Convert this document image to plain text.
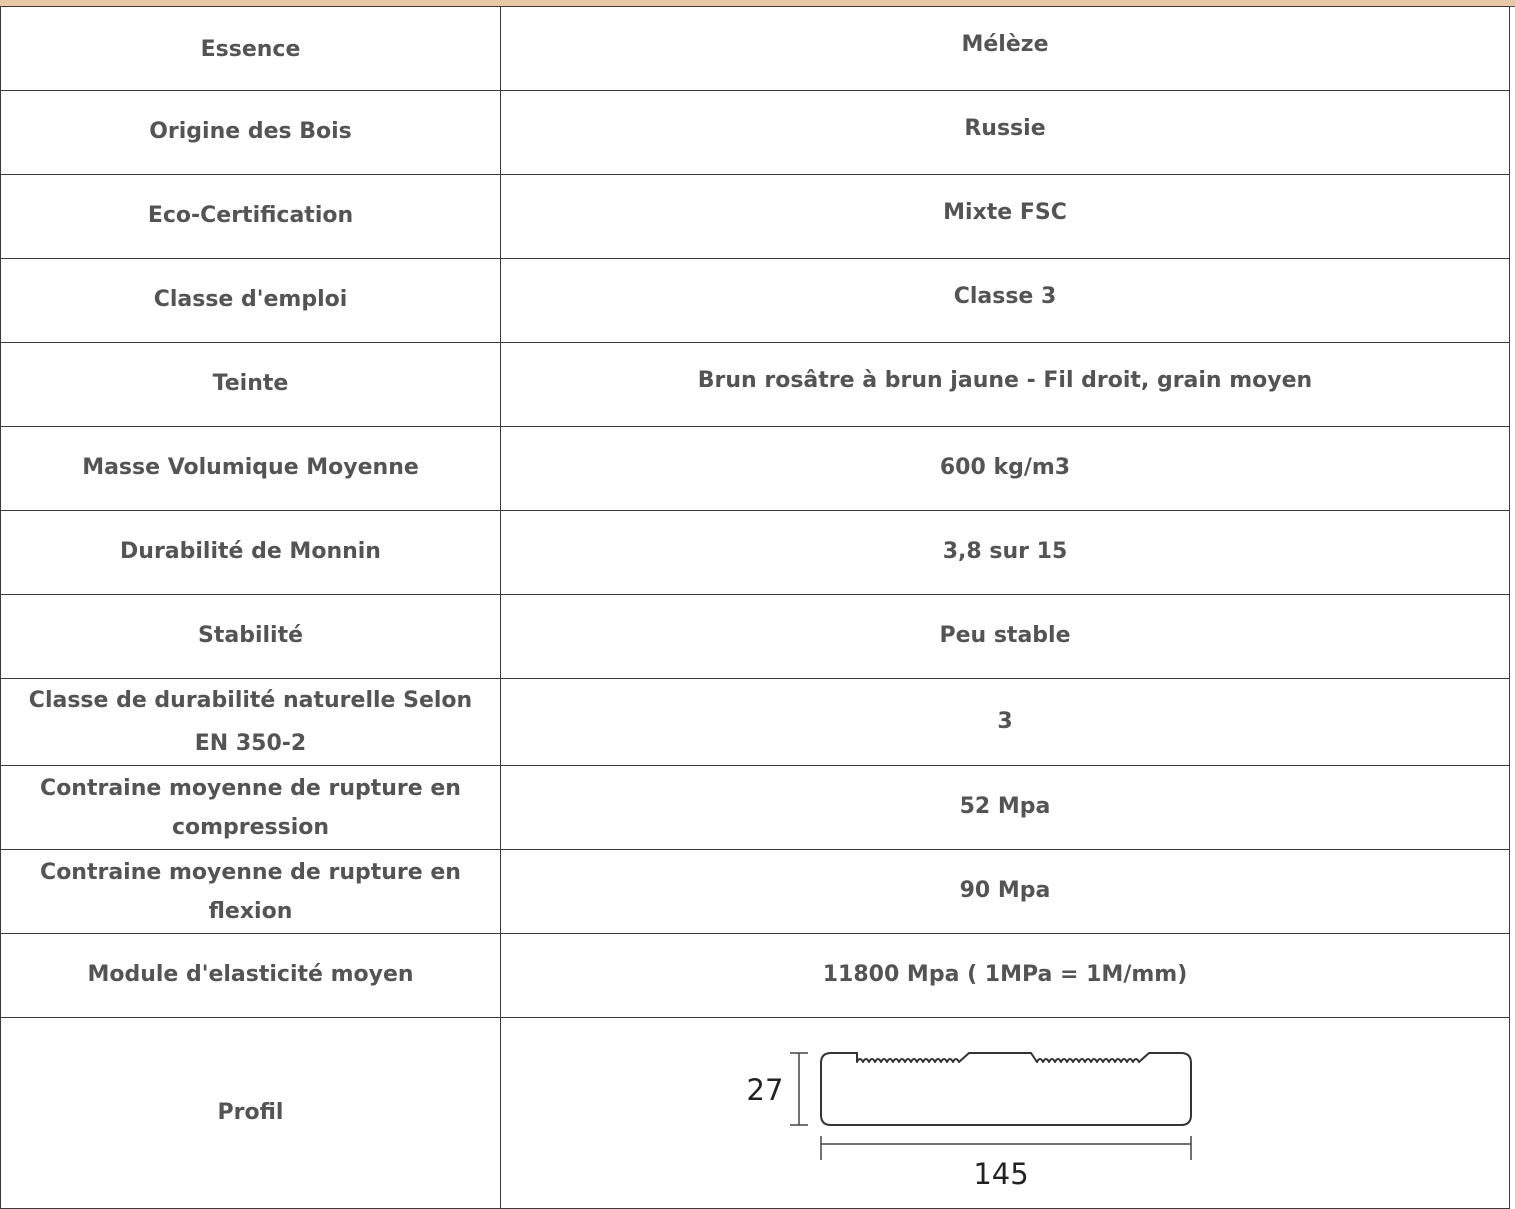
Essence	Mélèze
Origine des Bois	Russie
Eco-Certification	Mixte FSC
Classe d'emploi	Classe 3
Teinte	Brun rosâtre à brun jaune - Fil droit, grain moyen
Masse Volumique Moyenne	600 kg/m3
Durabilité de Monnin	3,8 sur 15
Stabilité	Peu stable
Classe de durabilité naturelle Selon EN 350-2	3
Contraine moyenne de rupture en compression	52 Mpa
Contraine moyenne de rupture en flexion	90 Mpa
Module d'elasticité moyen	11800 Mpa ( 1MPa = 1M/mm)
Profil	27
145
